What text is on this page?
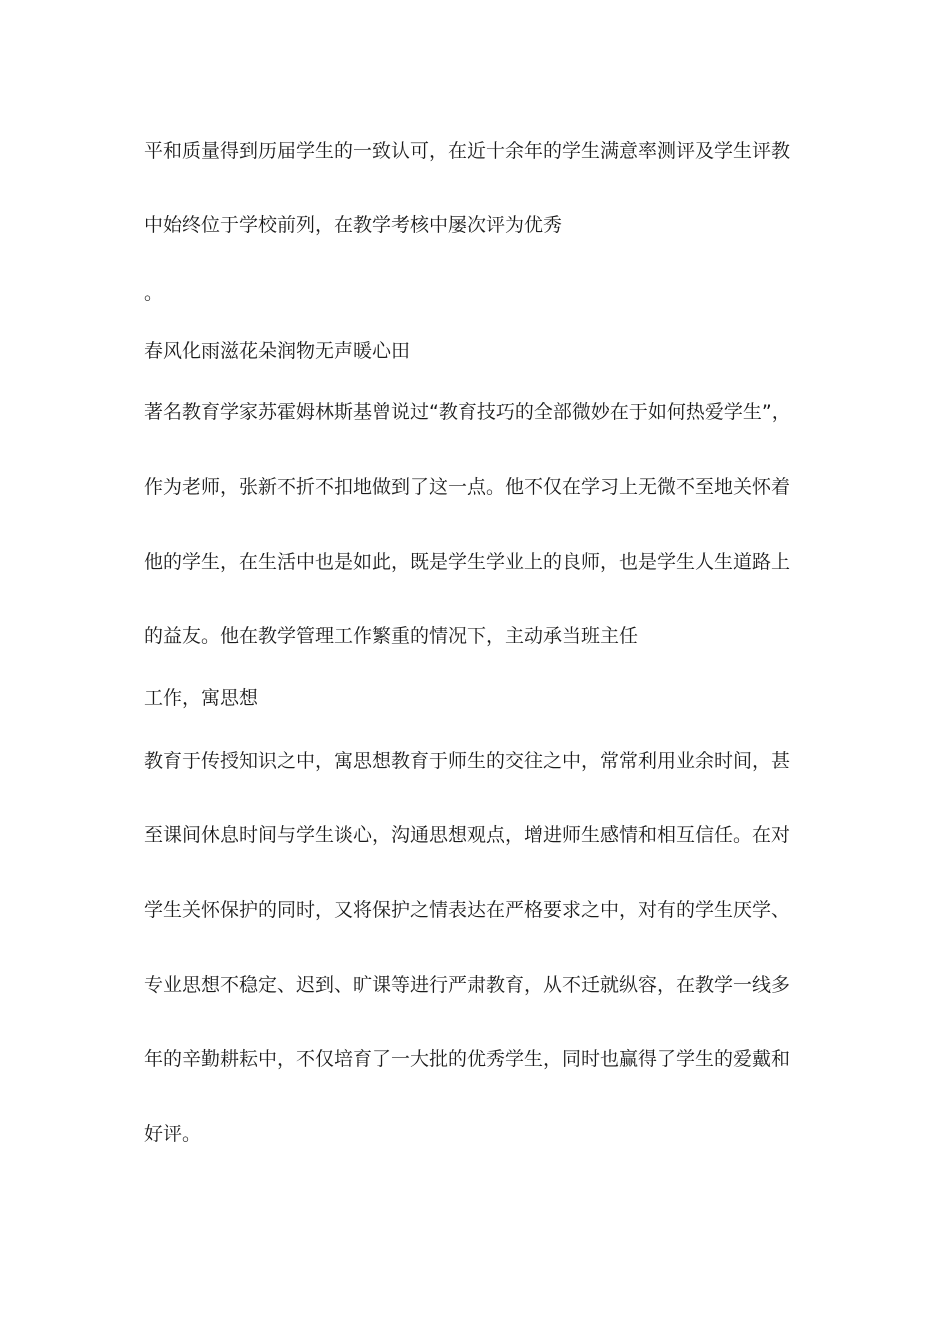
平和质量得到历届学生的一致认可，在近十余年的学生满意率测评及学生评教
中始终位于学校前列，在教学考核中屡次评为优秀
。
春风化雨滋花朵润物无声暖心田
著名教育学家苏霍姆林斯基曾说过“教育技巧的全部微妙在于如何热爱学生”，
作为老师，张新不折不扣地做到了这一点。他不仅在学习上无微不至地关怀着
他的学生，在生活中也是如此，既是学生学业上的良师，也是学生人生道路上
的益友。他在教学管理工作繁重的情况下，主动承当班主任
工作，寓思想
教育于传授知识之中，寓思想教育于师生的交往之中，常常利用业余时间，甚
至课间休息时间与学生谈心，沟通思想观点，增进师生感情和相互信任。在对
学生关怀保护的同时，又将保护之情表达在严格要求之中，对有的学生厌学、
专业思想不稳定、迟到、旷课等进行严肃教育，从不迁就纵容，在教学一线多
年的辛勤耕耘中，不仅培育了一大批的优秀学生，同时也赢得了学生的爱戴和
好评。
